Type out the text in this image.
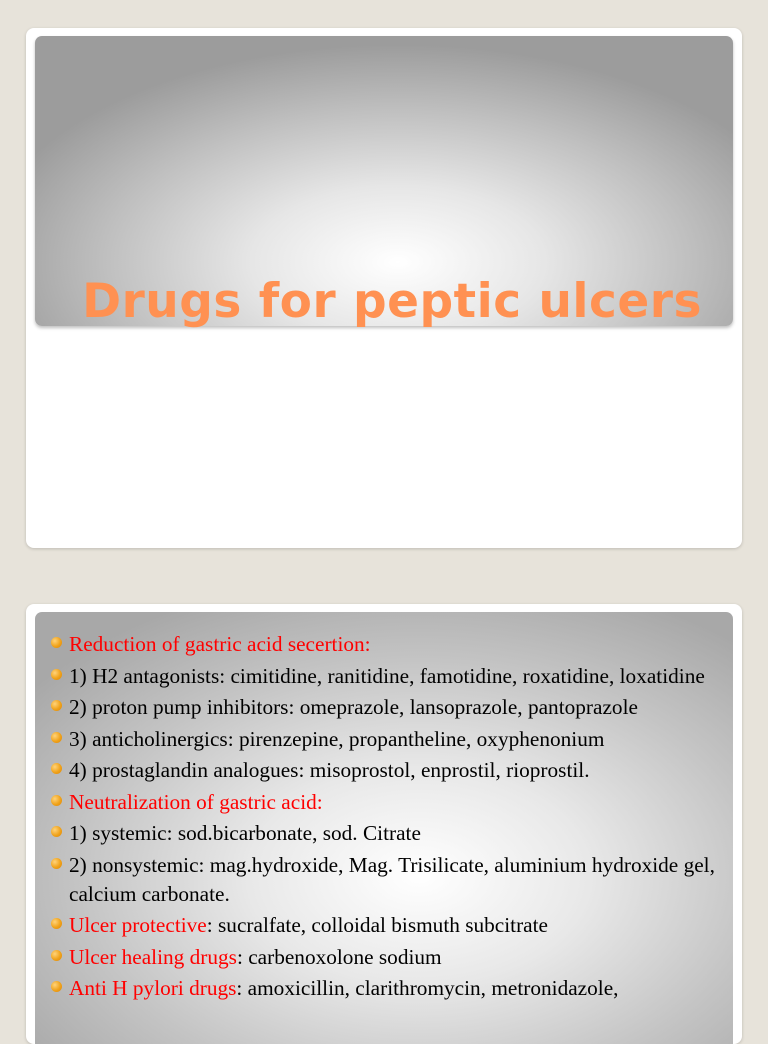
Drugs for peptic ulcers
Reduction of gastric acid secertion:
1) H2 antagonists: cimitidine, ranitidine, famotidine, roxatidine, loxatidine
2) proton pump inhibitors: omeprazole, lansoprazole, pantoprazole
3) anticholinergics: pirenzepine, propantheline, oxyphenonium
4) prostaglandin analogues: misoprostol, enprostil, rioprostil.
Neutralization of gastric acid:
1) systemic: sod.bicarbonate, sod. Citrate
2) nonsystemic: mag.hydroxide, Mag. Trisilicate, aluminium hydroxide gel, calcium carbonate.
Ulcer protective: sucralfate, colloidal bismuth subcitrate
Ulcer healing drugs: carbenoxolone sodium
Anti H pylori drugs: amoxicillin, clarithromycin, metronidazole,
